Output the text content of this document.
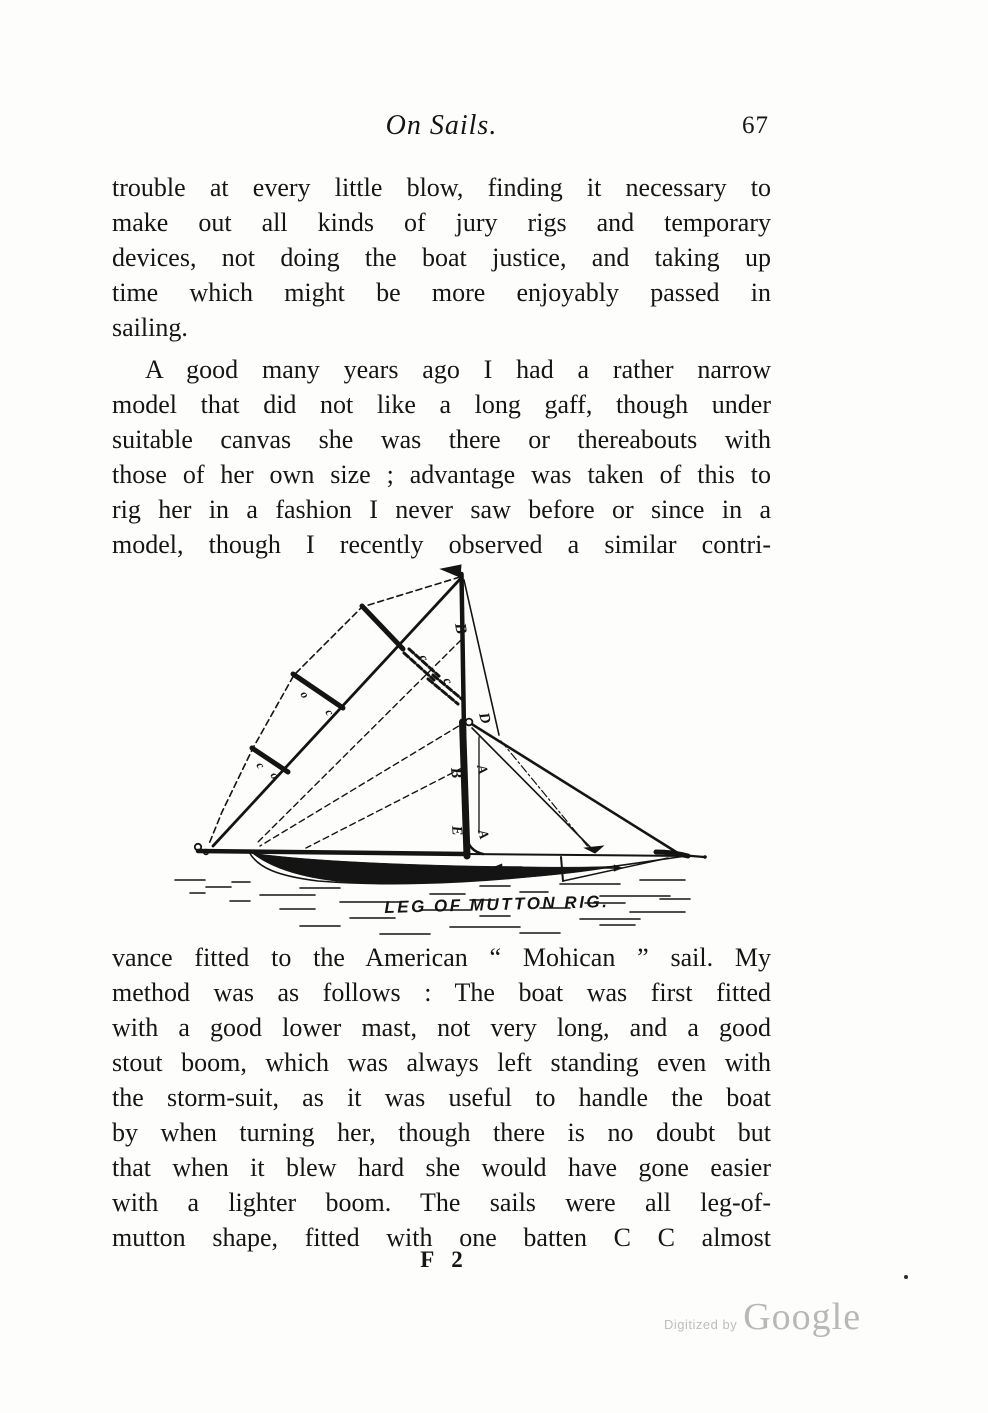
On Sails.	67
trouble at every little blow, finding it necessary to
make out all kinds of jury rigs and temporary
devices, not doing the boat justice, and taking up
time which might be more enjoyably passed in
sailing.
A good many years ago I had a rather narrow
model that did not like a long gaff, though under
suitable canvas she was there or thereabouts with
those of her own size ; advantage was taken of this to
rig her in a fashion I never saw before or since in a
model, though I recently observed a similar contri-
vance fitted to the American “ Mohican ” sail. My
method was as follows : The boat was first fitted
with a good lower mast, not very long, and a good
stout boom, which was always left standing even with
the storm-suit, as it was useful to handle the boat
by when turning her, though there is no doubt but
that when it blew hard she would have gone easier
with a lighter boom. The sails were all leg-of-
mutton shape, fitted with one batten C C almost
LEG OF MUTTON RIG.
B
c
c
D
B A
E A
o
c
c
o
F 2
Digitized by Google
